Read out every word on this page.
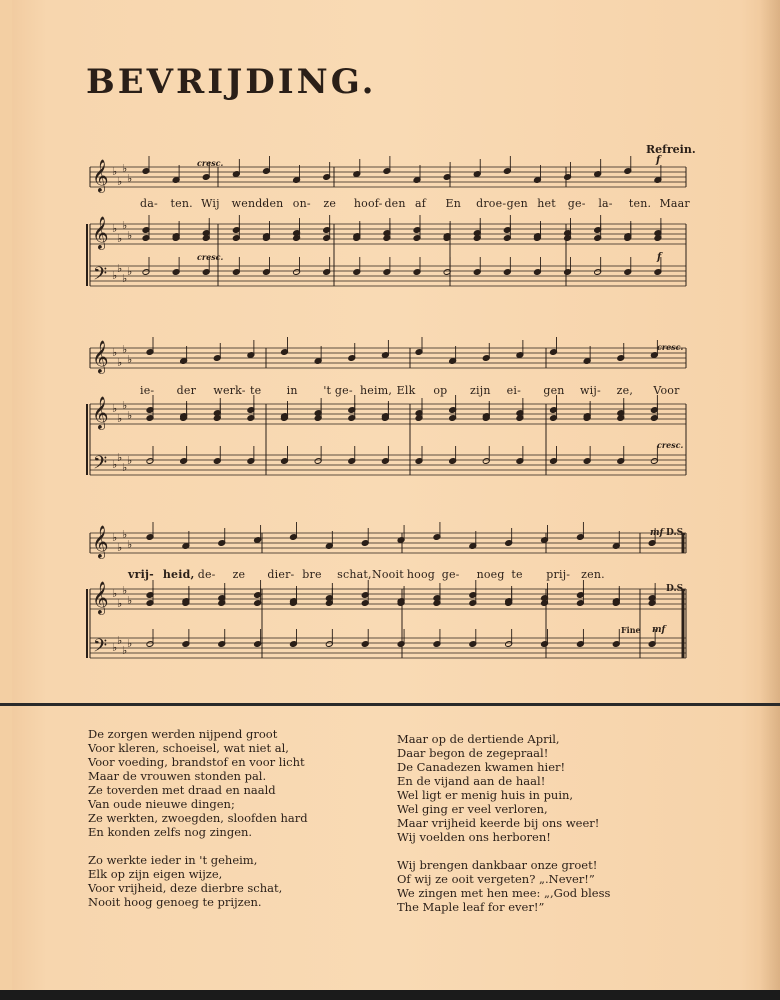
BEVRIJDING.
Refrein.
cresc.	f
cresc.	f
cresc.
cresc.
mf D.S.
D.S.
Fine mf
𝄞
𝄞
𝄢
♭
♭
♭
♭
♭
♭
♭
♭
♭
♭
♭
♭
𝄞
𝄞
𝄢
♭
♭
♭
♭
♭
♭
♭
♭
♭
♭
♭
♭
𝄞
𝄞
𝄢
♭
♭
♭
♭
♭
♭
♭
♭
♭
♭
♭
♭
da- ten. Wij wend-
den on- ze hoof- den af En droe- gen het ge- la- ten. Maar
ie- der werk- te in 't ge- heim, Elk op zijn ei- gen wij- ze, Voor
vrij- heid, de- ze dier- bre schat, Nooit hoog ge- noeg te prij- zen.
De zorgen werden nijpend groot
Voor kleren, schoeisel, wat niet al,
Voor voeding, brandstof en voor licht
Maar de vrouwen stonden pal.
Ze toverden met draad en naald
Van oude nieuwe dingen;
Ze werkten, zwoegden, sloofden hard
En konden zelfs nog zingen.
Zo werkte ieder in 't geheim,
Elk op zijn eigen wijze,
Voor vrijheid, deze dierbre schat,
Nooit hoog genoeg te prijzen.
Maar op de dertiende April,
Daar begon de zegepraal!
De Canadezen kwamen hier!
En de vijand aan de haal!
Wel ligt er menig huis in puin,
Wel ging er veel verloren,
Maar vrijheid keerde bij ons weer!
Wij voelden ons herboren!
Wij brengen dankbaar onze groet!
Of wij ze ooit vergeten? „.Never!”
We zingen met hen mee: „,God bless
The Maple leaf for ever!”
